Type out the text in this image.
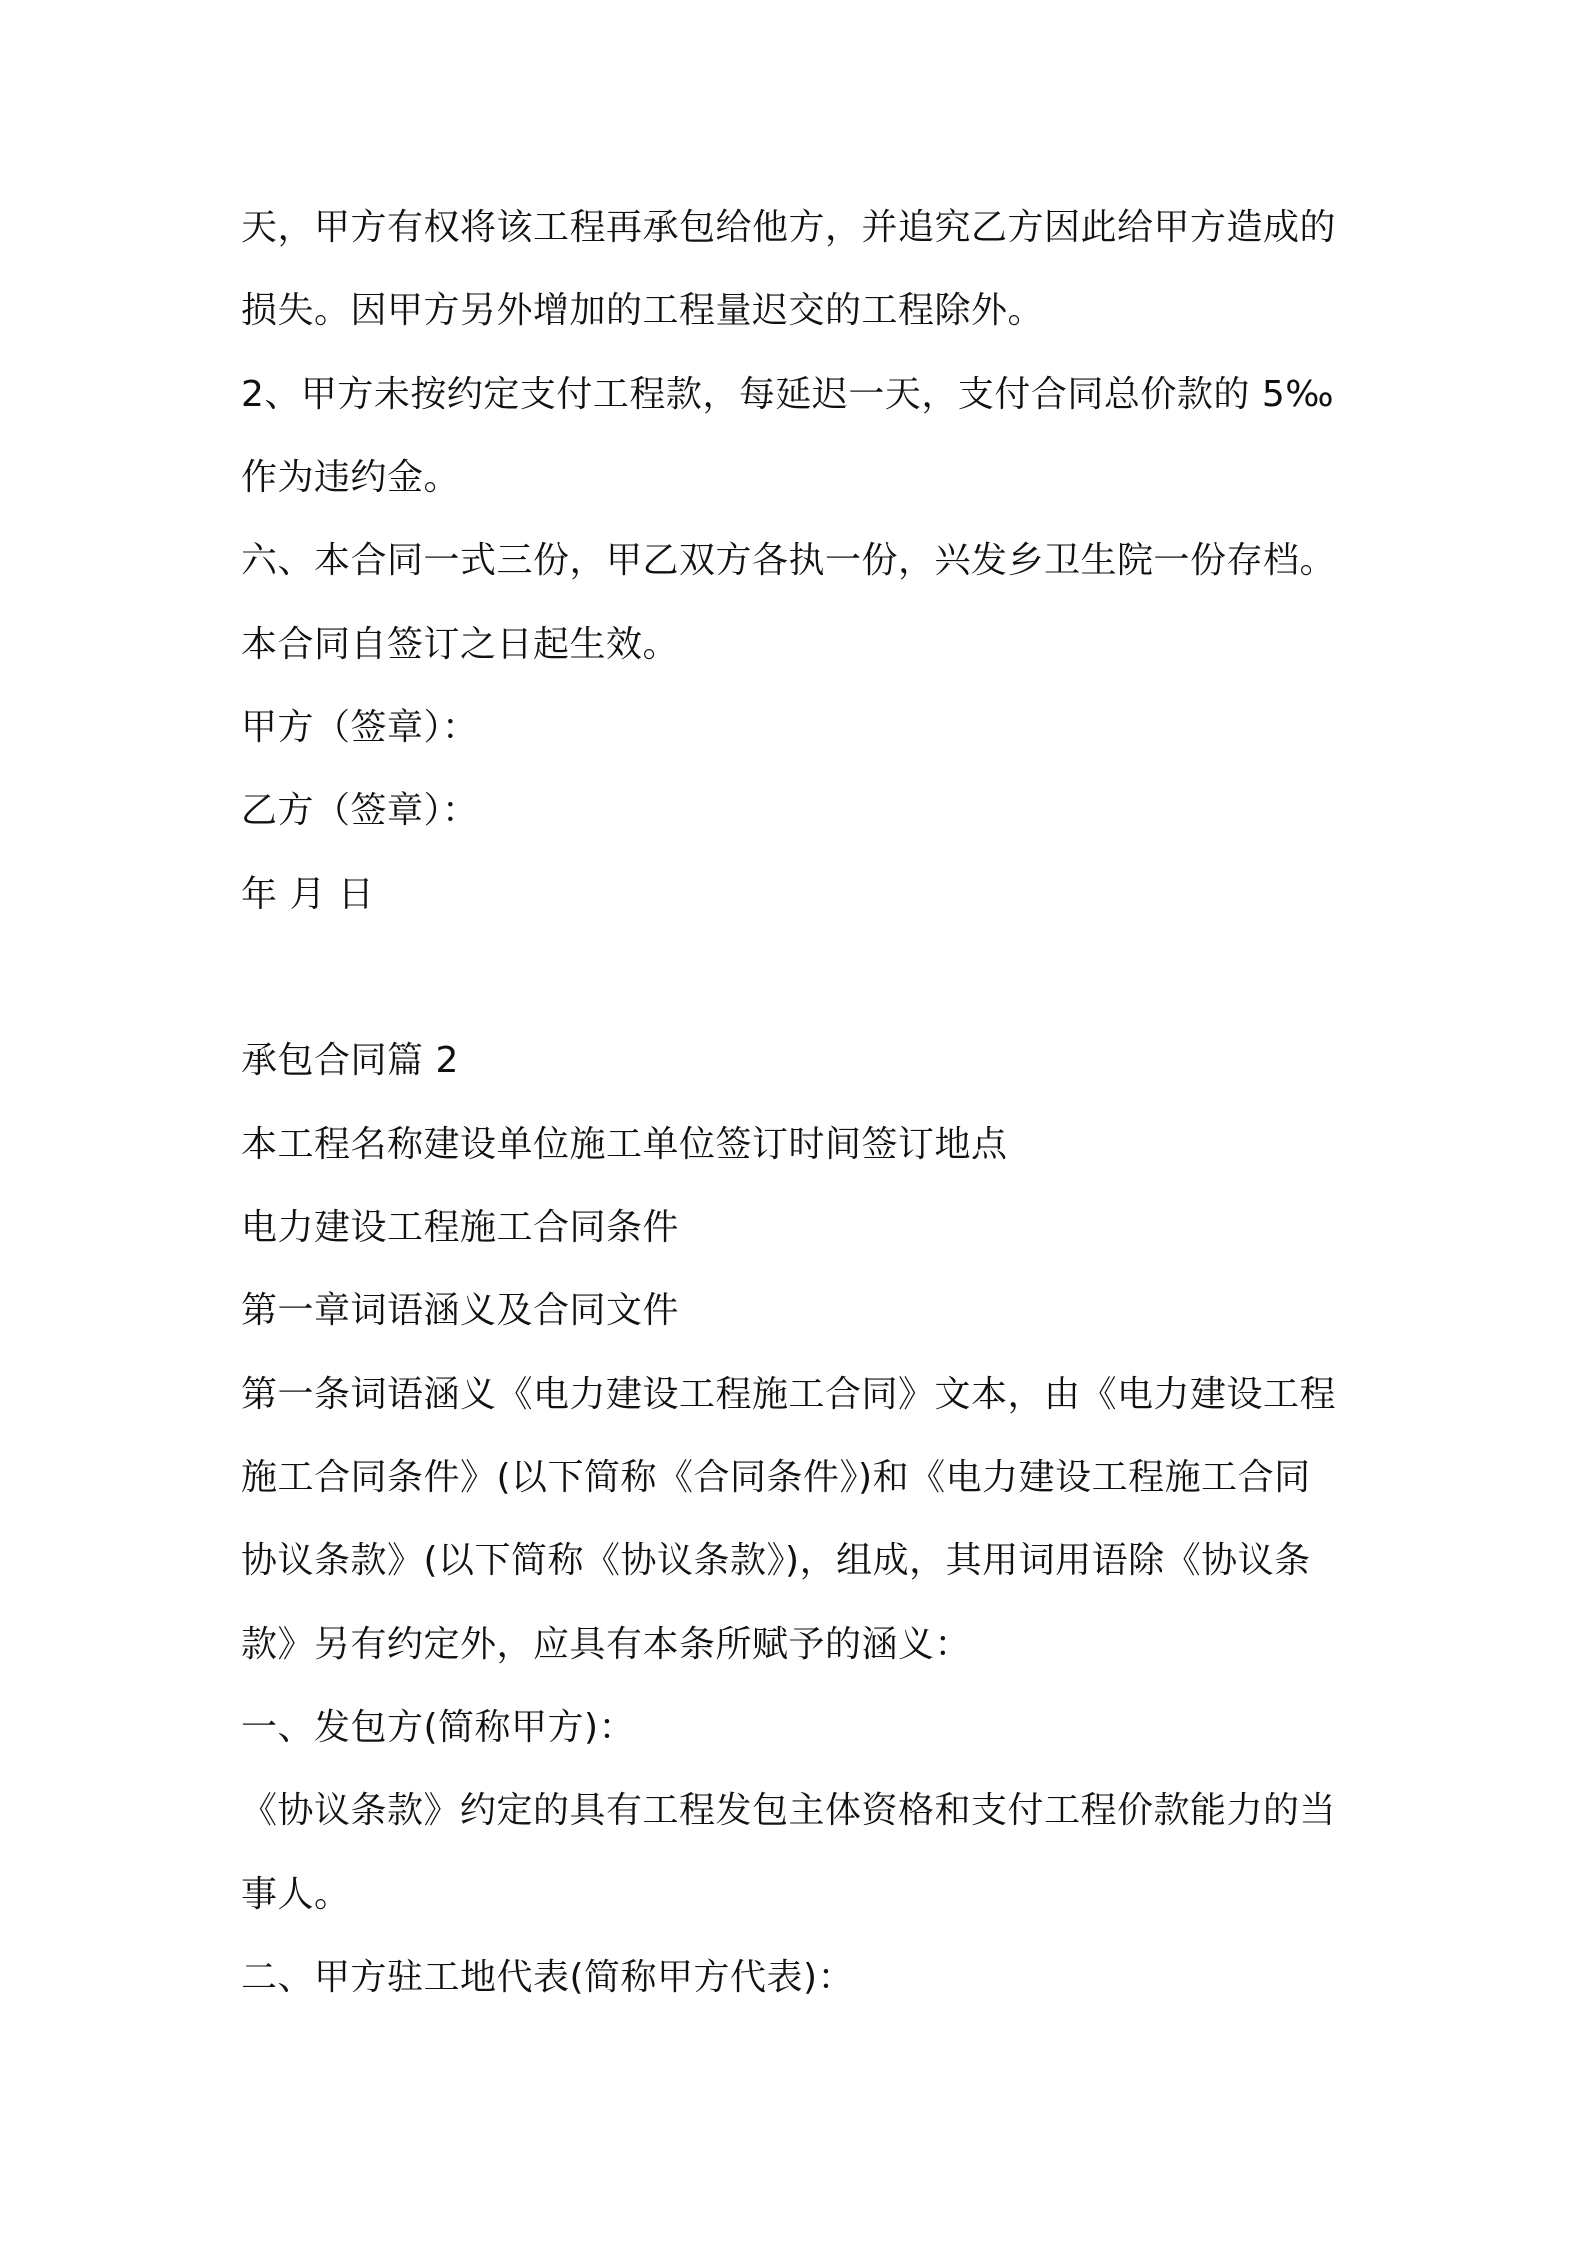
天，甲方有权将该工程再承包给他方，并追究乙方因此给甲方造成的
损失。因甲方另外增加的工程量迟交的工程除外。
2、甲方未按约定支付工程款，每延迟一天，支付合同总价款的 5‰
作为违约金。
六、本合同一式三份，甲乙双方各执一份，兴发乡卫生院一份存档。
本合同自签订之日起生效。
甲方（签章）：
乙方（签章）：
年 月 日
承包合同篇 2
本工程名称建设单位施工单位签订时间签订地点
电力建设工程施工合同条件
第一章词语涵义及合同文件
第一条词语涵义《电力建设工程施工合同》文本，由《电力建设工程
施工合同条件》(以下简称《合同条件》)和《电力建设工程施工合同
协议条款》(以下简称《协议条款》)，组成，其用词用语除《协议条
款》另有约定外，应具有本条所赋予的涵义：
一、发包方(简称甲方)：
《协议条款》约定的具有工程发包主体资格和支付工程价款能力的当
事人。
二、甲方驻工地代表(简称甲方代表)：
